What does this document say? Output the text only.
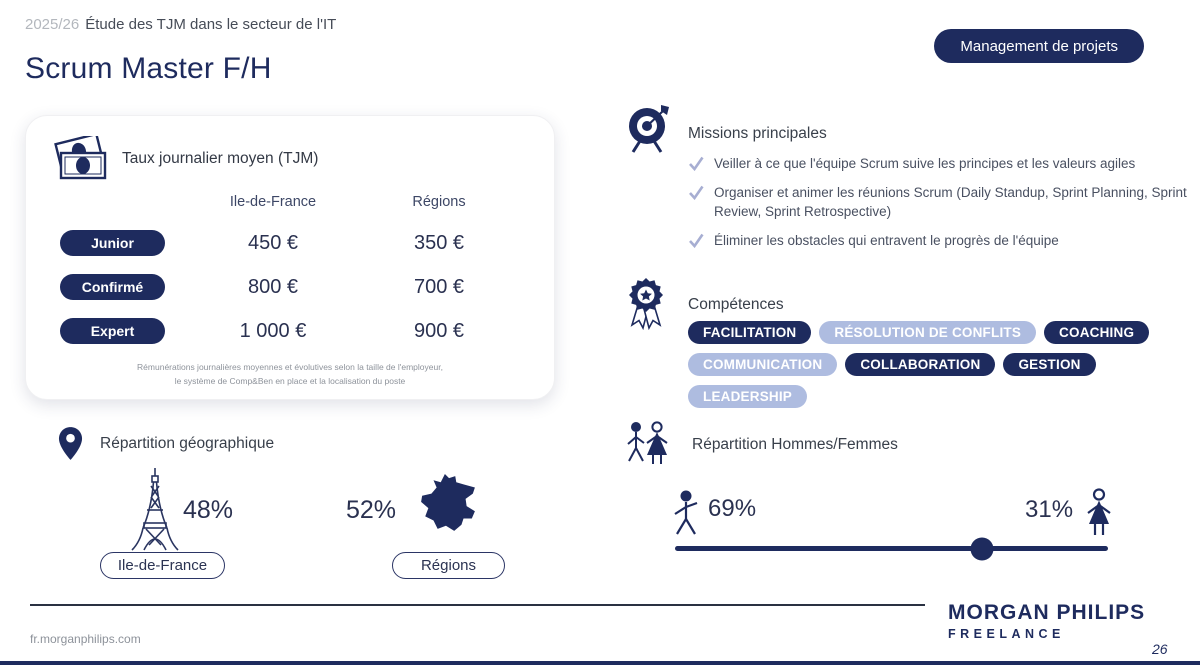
2025/26 Étude des TJM dans le secteur de l'IT
Scrum Master F/H
Management de projets
Taux journalier moyen (TJM)
Ile-de-France	Régions
Junior	450 €	350 €
Confirmé	800 €	700 €
Expert	1 000 €	900 €
Rémunérations journalières moyennes et évolutives selon la taille de l'employeur,
le système de Comp&Ben en place et la localisation du poste
Répartition géographique
48%	52%
Ile-de-France	Régions
Missions principales
Veiller à ce que l'équipe Scrum suive les principes et les valeurs agiles
Organiser et animer les réunions Scrum (Daily Standup, Sprint Planning, Sprint Review, Sprint Retrospective)
Éliminer les obstacles qui entravent le progrès de l'équipe
Compétences
FACILITATION	RÉSOLUTION DE CONFLITS	COACHING
COMMUNICATION	COLLABORATION	GESTION
LEADERSHIP
Répartition Hommes/Femmes
69%	31%
fr.morganphilips.com
MORGAN PHILIPS
FREELANCE
26
